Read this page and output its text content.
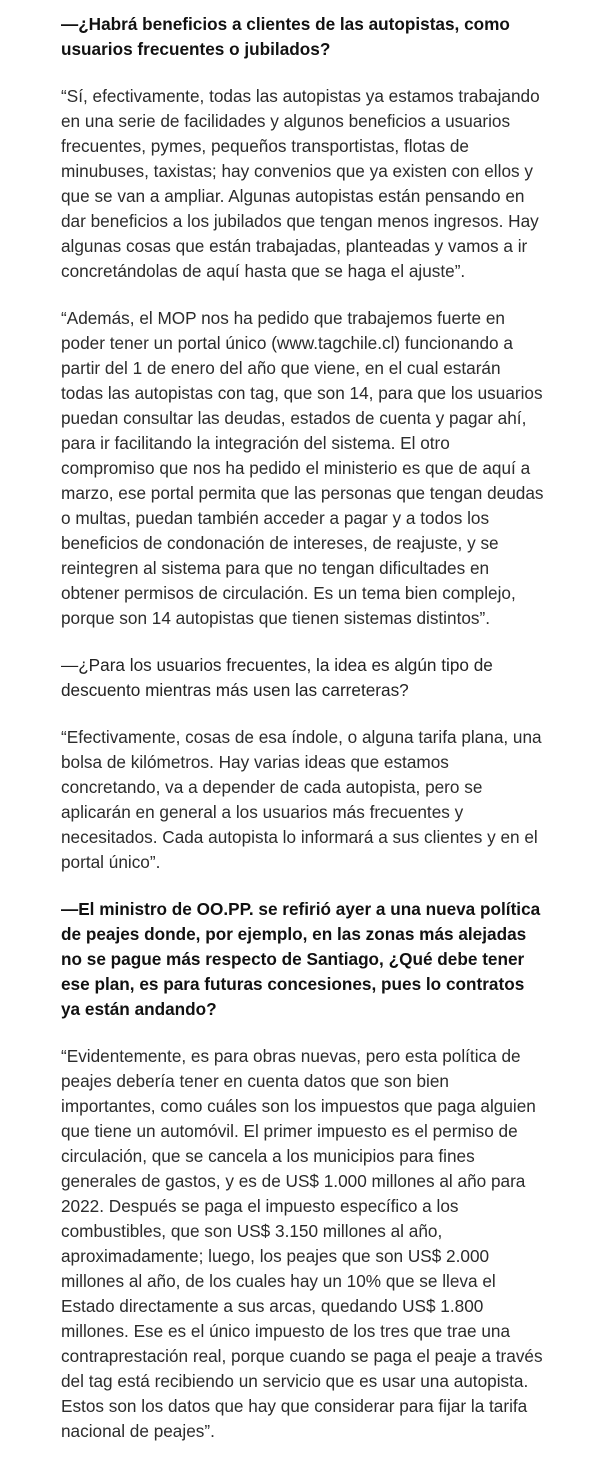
—¿Habrá beneficios a clientes de las autopistas, como
usuarios frecuentes o jubilados?

“Sí, efectivamente, todas las autopistas ya estamos trabajando
en una serie de facilidades y algunos beneficios a usuarios
frecuentes, pymes, pequeños transportistas, flotas de
minubuses, taxistas; hay convenios que ya existen con ellos y
que se van a ampliar. Algunas autopistas están pensando en
dar beneficios a los jubilados que tengan menos ingresos. Hay
algunas cosas que están trabajadas, planteadas y vamos a ir
concretándolas de aquí hasta que se haga el ajuste”.

“Además, el MOP nos ha pedido que trabajemos fuerte en
poder tener un portal único (www.tagchile.cl) funcionando a
partir del 1 de enero del año que viene, en el cual estarán
todas las autopistas con tag, que son 14, para que los usuarios
puedan consultar las deudas, estados de cuenta y pagar ahí,
para ir facilitando la integración del sistema. El otro
compromiso que nos ha pedido el ministerio es que de aquí a
marzo, ese portal permita que las personas que tengan deudas
o multas, puedan también acceder a pagar y a todos los
beneficios de condonación de intereses, de reajuste, y se
reintegren al sistema para que no tengan dificultades en
obtener permisos de circulación. Es un tema bien complejo,
porque son 14 autopistas que tienen sistemas distintos”.

—¿Para los usuarios frecuentes, la idea es algún tipo de
descuento mientras más usen las carreteras?

“Efectivamente, cosas de esa índole, o alguna tarifa plana, una
bolsa de kilómetros. Hay varias ideas que estamos
concretando, va a depender de cada autopista, pero se
aplicarán en general a los usuarios más frecuentes y
necesitados. Cada autopista lo informará a sus clientes y en el
portal único”.

—El ministro de OO.PP. se refirió ayer a una nueva política
de peajes donde, por ejemplo, en las zonas más alejadas
no se pague más respecto de Santiago, ¿Qué debe tener
ese plan, es para futuras concesiones, pues lo contratos
ya están andando?

“Evidentemente, es para obras nuevas, pero esta política de
peajes debería tener en cuenta datos que son bien
importantes, como cuáles son los impuestos que paga alguien
que tiene un automóvil. El primer impuesto es el permiso de
circulación, que se cancela a los municipios para fines
generales de gastos, y es de US$ 1.000 millones al año para
2022. Después se paga el impuesto específico a los
combustibles, que son US$ 3.150 millones al año,
aproximadamente; luego, los peajes que son US$ 2.000
millones al año, de los cuales hay un 10% que se lleva el
Estado directamente a sus arcas, quedando US$ 1.800
millones. Ese es el único impuesto de los tres que trae una
contraprestación real, porque cuando se paga el peaje a través
del tag está recibiendo un servicio que es usar una autopista.
Estos son los datos que hay que considerar para fijar la tarifa
nacional de peajes”.
